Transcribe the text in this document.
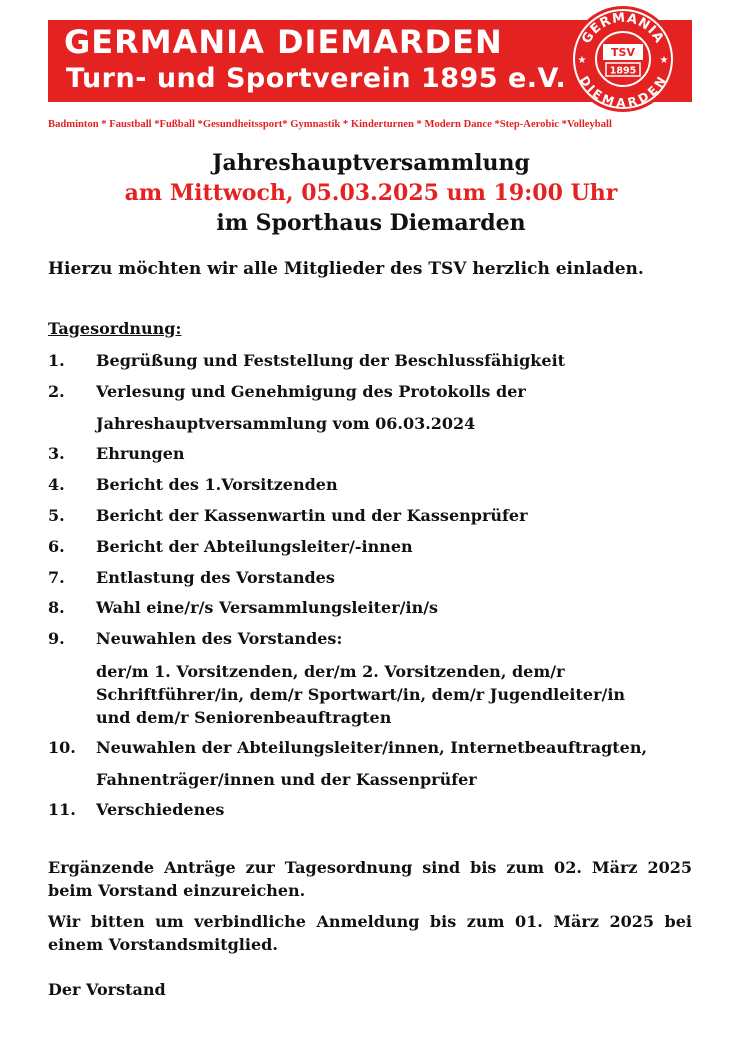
GERMANIA DIEMARDEN
Turn- und Sportverein 1895 e.V.
GERMANIA
DIEMARDEN
★	★
TSV
1895
Badminton * Faustball *Fußball *Gesundheitssport* Gymnastik * Kinderturnen * Modern Dance *Step-Aerobic *Volleyball
Jahreshauptversammlung
am Mittwoch, 05.03.2025 um 19:00 Uhr
im Sporthaus Diemarden
Hierzu möchten wir alle Mitglieder des TSV herzlich einladen.
Tagesordnung:
1. Begrüßung und Feststellung der Beschlussfähigkeit
2. Verlesung und Genehmigung des Protokolls der
Jahreshauptversammlung vom 06.03.2024
3. Ehrungen
4. Bericht des 1.Vorsitzenden
5. Bericht der Kassenwartin und der Kassenprüfer
6. Bericht der Abteilungsleiter/-innen
7. Entlastung des Vorstandes
8. Wahl eine/r/s Versammlungsleiter/in/s
9. Neuwahlen des Vorstandes:
der/m 1. Vorsitzenden, der/m 2. Vorsitzenden, dem/r Schriftführer/in, dem/r Sportwart/in, dem/r Jugendleiter/in und dem/r Seniorenbeauftragten
10. Neuwahlen der Abteilungsleiter/innen, Internetbeauftragten,
Fahnenträger/innen und der Kassenprüfer
11. Verschiedenes
Ergänzende Anträge zur Tagesordnung sind bis zum 02. März 2025 beim Vorstand einzureichen.
Wir bitten um verbindliche Anmeldung bis zum 01. März 2025 bei einem Vorstandsmitglied.
Der Vorstand
